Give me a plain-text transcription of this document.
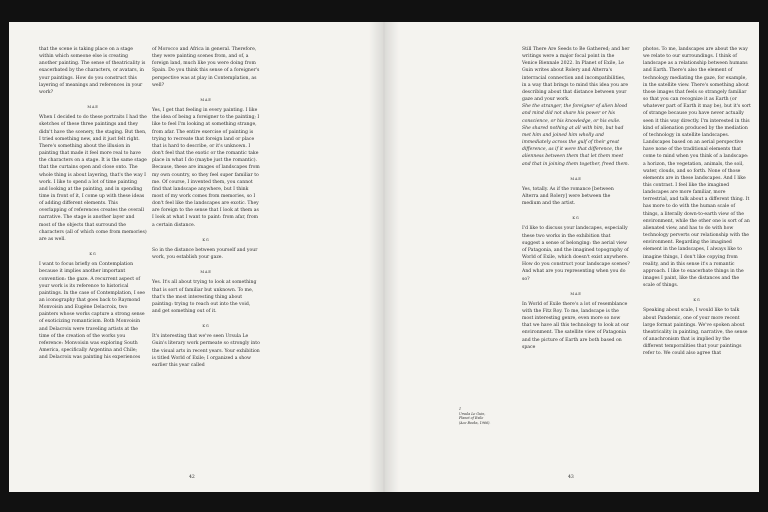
that the scene is taking place on a stage within which someone else is creating another painting. The sense of theatricality is exacerbated by the characters, or avatars, in your paintings. How do you construct this layering of meanings and references in your work?

MAE

When I decided to do these portraits I had the sketches of these three paintings and they didn't have the scenery, the staging. But then, I tried something new, and it just felt right. There's something about the illusion in painting that made it feel more real to have the characters on a stage. It is the same stage that the curtains open and close onto. The whole thing is about layering, that's the way I work. I like to spend a lot of time painting and looking at the painting, and in spending time in front of it, I come up with these ideas of adding different elements. This overlapping of references creates the overall narrative. The stage is another layer and most of the objects that surround the characters (all of which come from memories) are as well.

KG

I want to focus briefly on Contemplation because it implies another important convention: the gaze. A recurrent aspect of your work is its reference to historical paintings. In the case of Contemplation, I see an iconography that goes back to Raymond Monvoisin and Eugène Delacroix, two painters whose works capture a strong sense of exoticizing romanticism. Both Monvoisin and Delacroix were traveling artists at the time of the creation of the works you reference: Monvoisin was exploring South America, specifically Argentina and Chile; and Delacroix was painting his experiences

of Morocco and Africa in general. Therefore, they were painting scenes from, and of, a foreign land, much like you were doing from Spain. Do you think this sense of a foreigner's perspective was at play in Contemplation, as well?

MAE

Yes, I get that feeling in every painting. I like the idea of being a foreigner to the painting; I like to feel I'm looking at something strange, from afar. The entire exercise of painting is trying to recreate that foreign land or place that is hard to describe, or it's unknown. I don't feel that the exotic or the romantic take place in what I do (maybe just the romantic). Because, these are images of landscapes from my own country, so they feel super familiar to me. Of course, I invented them, you cannot find that landscape anywhere, but I think most of my work comes from memories, so I don't feel like the landscapes are exotic. They are foreign to the sense that I look at them as I look at what I want to paint: from afar, from a certain distance.

KG

So in the distance between yourself and your work, you establish your gaze.

MAE

Yes. It's all about trying to look at something that is sort of familiar but unknown. To me, that's the most interesting thing about painting: trying to reach out into the void, and get something out of it.

KG

It's interesting that we've seen Ursula Le Guin's literary work permeate so strongly into the visual arts in recent years. Your exhibition is titled World of Exile; I organized a show earlier this year called

42
1
Ursula Le Guin,
Planet of Exile
(Ace Books, 1966).

Still There Are Seeds to Be Gathered; and her writings were a major focal point in the Venice Biennale 2022. In Planet of Exile, Le Guin writes about Rolery and Alterra's interracial connection and incompatibilities, in a way that brings to mind this idea you are describing about that distance between your gaze and your work.

She the stranger, the foreigner of alien blood and mind did not share his power or his conscience, or his knowledge, or his exile. She shared nothing at all with him, but had met him and joined him wholly and immediately across the gulf of their great difference, as if it were that difference, the alienness between them that let them meet and that in joining them together, freed them.

MAE

Yes, totally. As if the romance [between Alterra and Rolery] were between the medium and the artist.

KG

I'd like to discuss your landscapes, especially these two works in the exhibition that suggest a sense of belonging: the aerial view of Patagonia, and the imagined topography of World of Exile, which doesn't exist anywhere. How do you construct your landscape scenes? And what are you representing when you do so?

MAE

In World of Exile there's a lot of resemblance with the Fitz Roy. To me, landscape is the most interesting genre, even more so now that we have all this technology to look at our environment. The satellite view of Patagonia and the picture of Earth are both based on space

photos. To me, landscapes are about the way we relate to our surroundings. I think of landscape as a relationship between humans and Earth. There's also the element of technology mediating the gaze, for example, in the satellite view. There's something about those images that feels so strangely familiar so that you can recognize it as Earth (or whatever part of Earth it may be), but it's sort of strange because you have never actually seen it this way directly. I'm interested in this kind of alienation produced by the mediation of technology in satellite landscapes. Landscapes based on an aerial perspective have none of the traditional elements that come to mind when you think of a landscape: a horizon, the vegetation, animals, the soil, water, clouds, and so forth. None of those elements are in these landscapes. And I like this contrast. I feel like the imagined landscapes are more familiar, more terrestrial, and talk about a different thing. It has more to do with the human scale of things, a literally down-to-earth view of the environment, while the other one is sort of an alienated view, and has to do with how technology perverts our relationship with the environment. Regarding the imagined element in the landscapes, I always like to imagine things, I don't like copying from reality, and in this sense it's a romantic approach. I like to exacerbate things in the images I paint, like the distances and the scale of things.

KG

Speaking about scale, I would like to talk about Pandemic, one of your more recent large format paintings. We've spoken about theatricality in painting, narrative, the sense of anachronism that is implied by the different temporalities that your paintings refer to. We could also agree that

43
